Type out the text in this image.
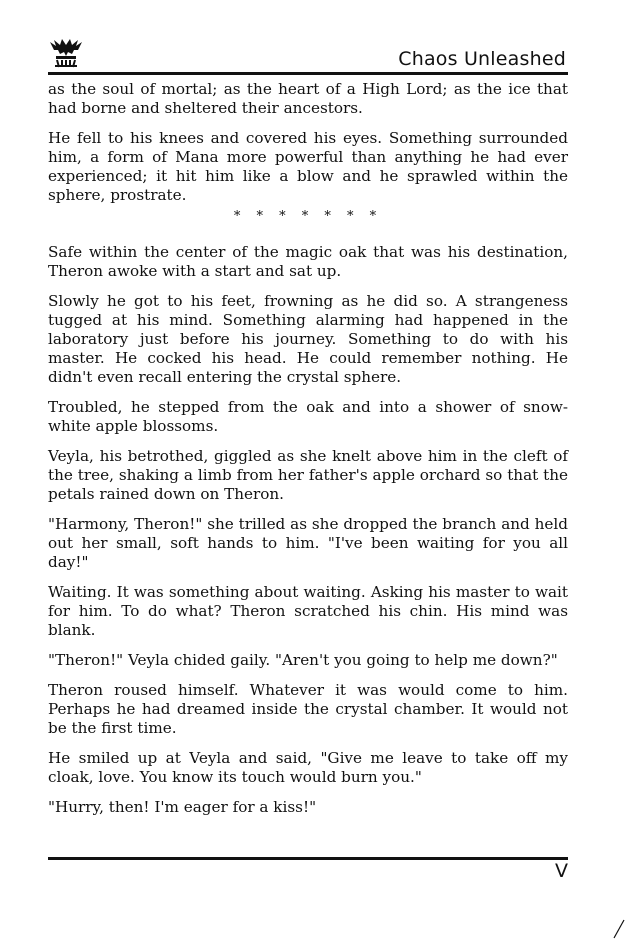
Chaos Unleashed

as the soul of mortal; as the heart of a High Lord; as the ice that had borne and sheltered their ancestors.

He fell to his knees and covered his eyes. Something surrounded him, a form of Mana more powerful than anything he had ever experienced; it hit him like a blow and he sprawled within the sphere, prostrate.

* * * * * * *

Safe within the center of the magic oak that was his destination, Theron awoke with a start and sat up.

Slowly he got to his feet, frowning as he did so. A strangeness tugged at his mind. Something alarming had happened in the laboratory just before his journey. Something to do with his master. He cocked his head. He could remember nothing. He didn't even recall entering the crystal sphere.

Troubled, he stepped from the oak and into a shower of snow-white apple blossoms.

Veyla, his betrothed, giggled as she knelt above him in the cleft of the tree, shaking a limb from her father's apple orchard so that the petals rained down on Theron.

"Harmony, Theron!" she trilled as she dropped the branch and held out her small, soft hands to him. "I've been waiting for you all day!"

Waiting. It was something about waiting. Asking his master to wait for him. To do what? Theron scratched his chin. His mind was blank.

"Theron!" Veyla chided gaily. "Aren't you going to help me down?"

Theron roused himself. Whatever it was would come to him. Perhaps he had dreamed inside the crystal chamber. It would not be the first time.

He smiled up at Veyla and said, "Give me leave to take off my cloak, love. You know its touch would burn you."

"Hurry, then! I'm eager for a kiss!"

V
